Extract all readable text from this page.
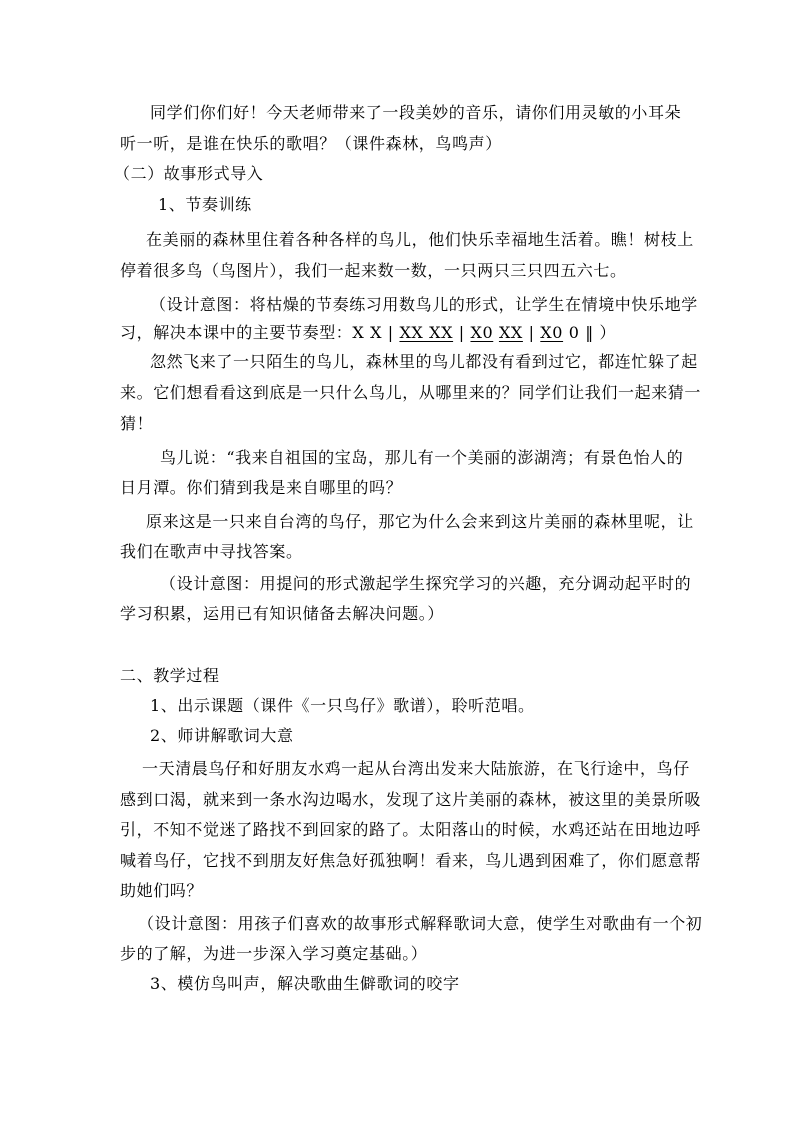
同学们你们好！今天老师带来了一段美妙的音乐，请你们用灵敏的小耳朵
听一听，是谁在快乐的歌唱？（课件森林，鸟鸣声）
（二）故事形式导入
1、节奏训练
在美丽的森林里住着各种各样的鸟儿，他们快乐幸福地生活着。瞧！树枝上
停着很多鸟（鸟图片），我们一起来数一数，一只两只三只四五六七。
（设计意图：将枯燥的节奏练习用数鸟儿的形式，让学生在情境中快乐地学
习，解决本课中的主要节奏型：X X | XX XX | X0 XX | X0 0 ‖ ）
忽然飞来了一只陌生的鸟儿，森林里的鸟儿都没有看到过它，都连忙躲了起
来。它们想看看这到底是一只什么鸟儿，从哪里来的？同学们让我们一起来猜一
猜！
鸟儿说：“我来自祖国的宝岛，那儿有一个美丽的澎湖湾；有景色怡人的
日月潭。你们猜到我是来自哪里的吗？
原来这是一只来自台湾的鸟仔，那它为什么会来到这片美丽的森林里呢，让
我们在歌声中寻找答案。
（设计意图：用提问的形式激起学生探究学习的兴趣，充分调动起平时的
学习积累，运用已有知识储备去解决问题。）
二、教学过程
1、出示课题（课件《一只鸟仔》歌谱），聆听范唱。
2、师讲解歌词大意
一天清晨鸟仔和好朋友水鸡一起从台湾出发来大陆旅游，在飞行途中，鸟仔
感到口渴，就来到一条水沟边喝水，发现了这片美丽的森林，被这里的美景所吸
引，不知不觉迷了路找不到回家的路了。太阳落山的时候，水鸡还站在田地边呼
喊着鸟仔，它找不到朋友好焦急好孤独啊！看来，鸟儿遇到困难了，你们愿意帮
助她们吗？
（设计意图：用孩子们喜欢的故事形式解释歌词大意，使学生对歌曲有一个初
步的了解，为进一步深入学习奠定基础。）
3、模仿鸟叫声，解决歌曲生僻歌词的咬字
